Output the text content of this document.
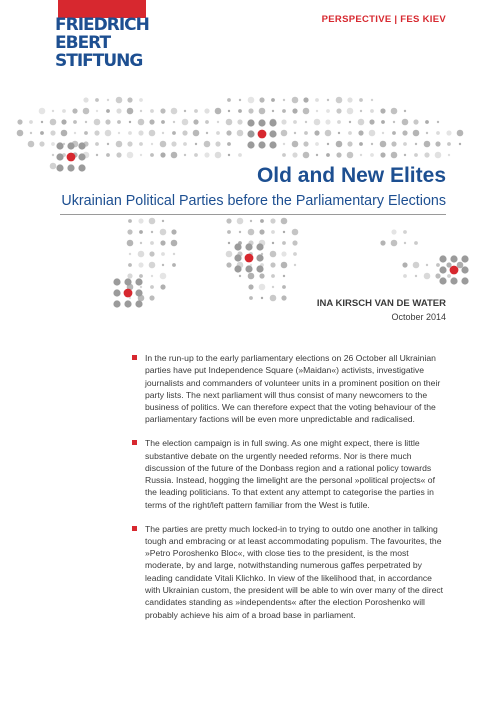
FRIEDRICH
EBERT
STIFTUNG
PERSPECTIVE | FES KIEV
Old and New Elites
Ukrainian Political Parties before the Parliamentary Elections
INA KIRSCH VAN DE WATER
October 2014
In the run-up to the early parliamentary elections on 26 October all Ukrainian parties have put Independence Square (»Maidan«) activists, investigative journalists and commanders of volunteer units in a prominent position on their party lists. The next parliament will thus consist of many newcomers to the business of politics. We can therefore expect that the voting behaviour of the parliamentary factions will be even more unpredictable and radicalised.
The election campaign is in full swing. As one might expect, there is little substantive debate on the urgently needed reforms. Nor is there much discussion of the future of the Donbass region and a rational policy towards Russia. Instead, hogging the limelight are the personal »political projects« of the leading politicians. To that extent any attempt to categorise the parties in terms of the right/left pattern familiar from the West is futile.
The parties are pretty much locked-in to trying to outdo one another in talking tough and embracing or at least accommodating populism. The favourites, the »Petro Poroshenko Bloc«, with close ties to the president, is the most moderate, by and large, notwithstanding numerous gaffes perpetrated by leading candidate Vitali Klichko. In view of the likelihood that, in accordance with Ukrainian custom, the president will be able to win over many of the direct candidates standing as »independents« after the election Poroshenko will probably achieve his aim of a broad base in parliament.
